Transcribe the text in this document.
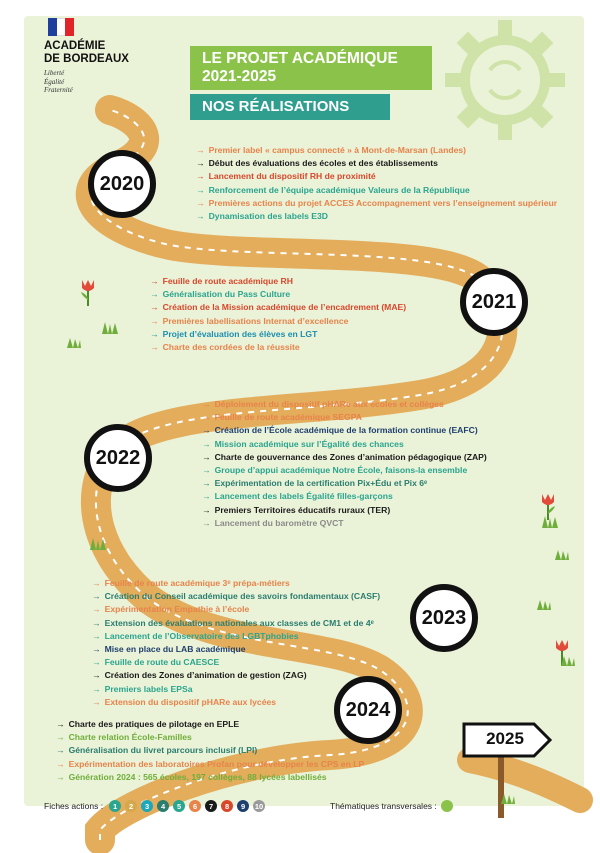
ACADÉMIE
DE BORDEAUX
Liberté
Égalité
Fraternité
LE PROJET ACADÉMIQUE
2021-2025
NOS RÉALISATIONS
2020
2021
2022
2023
2024
2025
→ Premier label « campus connecté » à Mont-de-Marsan (Landes)
→ Début des évaluations des écoles et des établissements
→ Lancement du dispositif RH de proximité
→ Renforcement de l’équipe académique Valeurs de la République
→ Premières actions du projet ACCES Accompagnement vers l’enseignement supérieur
→ Dynamisation des labels E3D
→ Feuille de route académique RH
→ Généralisation du Pass Culture
→ Création de la Mission académique de l’encadrement (MAE)
→ Premières labellisations Internat d’excellence
→ Projet d’évaluation des élèves en LGT
→ Charte des cordées de la réussite
→ Déploiement du dispositif pHARe aux écoles et collèges
→ Feuille de route académique SEGPA
→ Création de l’École académique de la formation continue (EAFC)
→ Mission académique sur l’Égalité des chances
→ Charte de gouvernance des Zones d’animation pédagogique (ZAP)
→ Groupe d’appui académique Notre École, faisons-la ensemble
→ Expérimentation de la certification Pix+Édu et Pix 6ᵉ
→ Lancement des labels Égalité filles-garçons
→ Premiers Territoires éducatifs ruraux (TER)
→ Lancement du baromètre QVCT
→ Feuille de route académique 3ᵉ prépa-métiers
→ Création du Conseil académique des savoirs fondamentaux (CASF)
→ Expérimentation Empathie à l’école
→ Extension des évaluations nationales aux classes de CM1 et de 4ᵉ
→ Lancement de l’Observatoire des LGBTphobies
→ Mise en place du LAB académique
→ Feuille de route du CAESCE
→ Création des Zones d’animation de gestion (ZAG)
→ Premiers labels EPSa
→ Extension du dispositif pHARe aux lycées
→ Charte des pratiques de pilotage en EPLE
→ Charte relation École-Familles
→ Généralisation du livret parcours inclusif (LPI)
→ Expérimentation des laboratoires Profan pour développer les CPS en LP
→ Génération 2024 : 565 écoles, 197 collèges, 88 lycées labellisés
Fiches actions :	1	2	3	4	5	6	7	8	9	10	Thématiques transversales :
